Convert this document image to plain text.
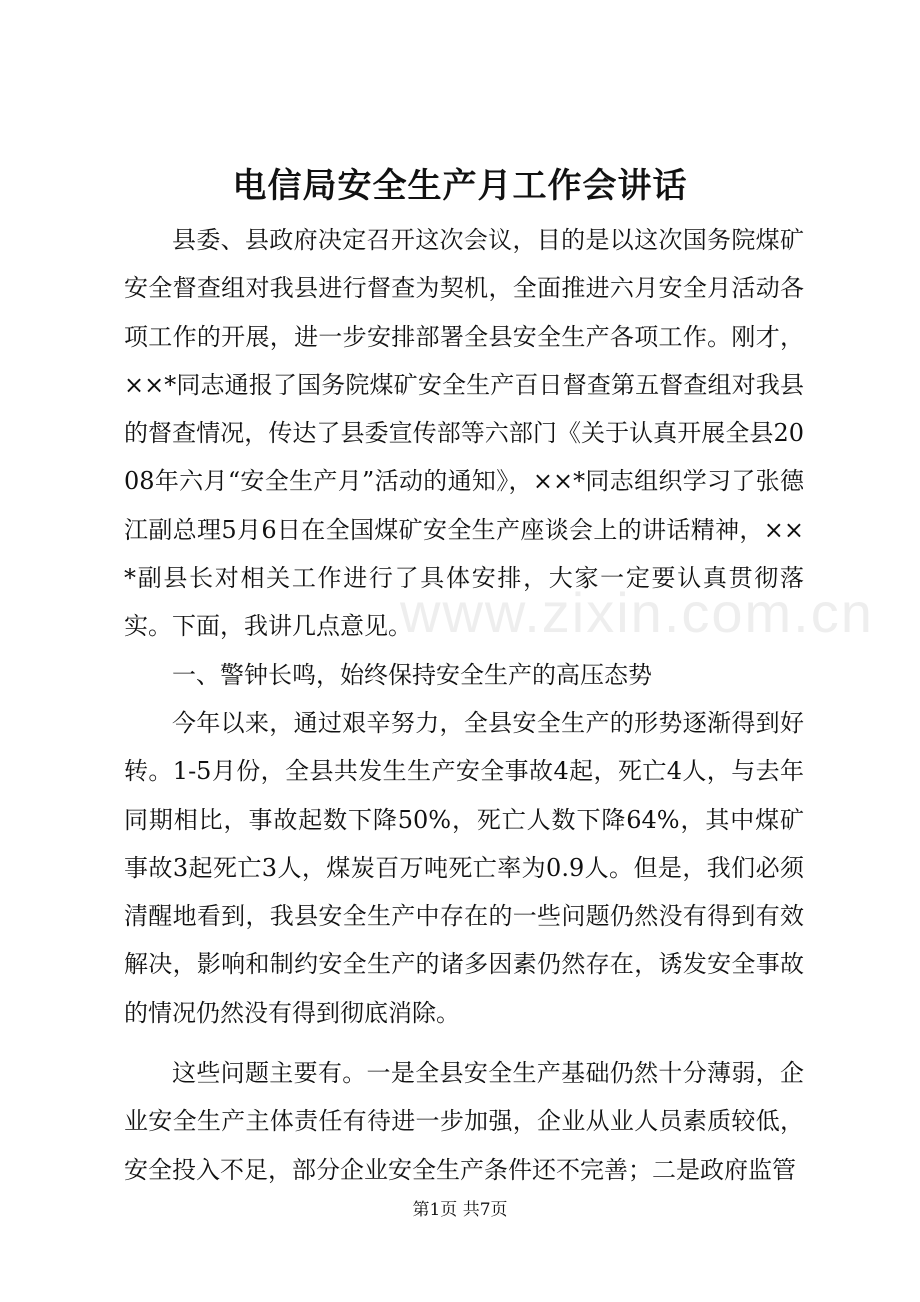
电信局安全生产月工作会讲话

县委、县政府决定召开这次会议，目的是以这次国务院煤矿安全督查组对我县进行督查为契机，全面推进六月安全月活动各项工作的开展，进一步安排部署全县安全生产各项工作。刚才，××*同志通报了国务院煤矿安全生产百日督查第五督查组对我县的督查情况，传达了县委宣传部等六部门《关于认真开展全县2008年六月“安全生产月”活动的通知》，××*同志组织学习了张德江副总理5月6日在全国煤矿安全生产座谈会上的讲话精神，××*副县长对相关工作进行了具体安排，大家一定要认真贯彻落实。下面，我讲几点意见。

一、警钟长鸣，始终保持安全生产的高压态势

今年以来，通过艰辛努力，全县安全生产的形势逐渐得到好转。1-5月份，全县共发生生产安全事故4起，死亡4人，与去年同期相比，事故起数下降50%，死亡人数下降64%，其中煤矿事故3起死亡3人，煤炭百万吨死亡率为0.9人。但是，我们必须清醒地看到，我县安全生产中存在的一些问题仍然没有得到有效解决，影响和制约安全生产的诸多因素仍然存在，诱发安全事故的情况仍然没有得到彻底消除。

这些问题主要有。一是全县安全生产基础仍然十分薄弱，企业安全生产主体责任有待进一步加强，企业从业人员素质较低，安全投入不足，部分企业安全生产条件还不完善；二是政府监管

www.zixin.com.cn
第1页 共7页
